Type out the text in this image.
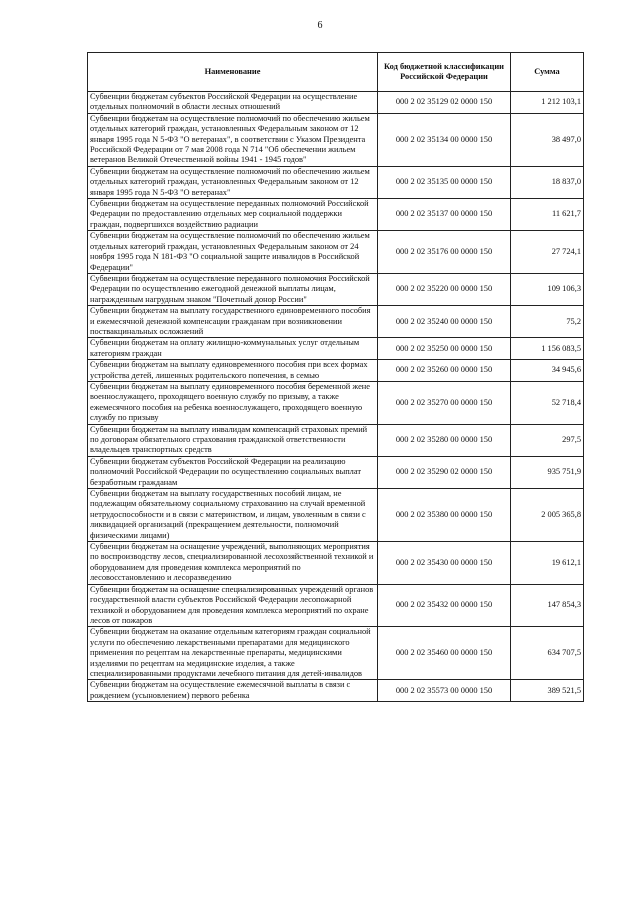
6
Наименование	Код бюджетной классификации Российской Федерации	Сумма
Субвенции бюджетам субъектов Российской Федерации на осуществление отдельных полномочий в области лесных отношений	000 2 02 35129 02 0000 150	1 212 103,1
Субвенции бюджетам на осуществление полномочий по обеспечению жильем отдельных категорий граждан, установленных Федеральным законом от 12 января 1995 года N 5-ФЗ "О ветеранах", в соответствии с Указом Президента Российской Федерации от 7 мая 2008 года N 714 "Об обеспечении жильем ветеранов Великой Отечественной войны 1941 - 1945 годов"	000 2 02 35134 00 0000 150	38 497,0
Субвенции бюджетам на осуществление полномочий по обеспечению жильем отдельных категорий граждан, установленных Федеральным законом от 12 января 1995 года N 5-ФЗ "О ветеранах"	000 2 02 35135 00 0000 150	18 837,0
Субвенции бюджетам на осуществление переданных полномочий Российской Федерации по предоставлению отдельных мер социальной поддержки граждан, подвергшихся воздействию радиации	000 2 02 35137 00 0000 150	11 621,7
Субвенции бюджетам на осуществление полномочий по обеспечению жильем отдельных категорий граждан, установленных Федеральным законом от 24 ноября 1995 года N 181-ФЗ "О социальной защите инвалидов в Российской Федерации"	000 2 02 35176 00 0000 150	27 724,1
Субвенции бюджетам на осуществление переданного полномочия Российской Федерации по осуществлению ежегодной денежной выплаты лицам, награжденным нагрудным знаком "Почетный донор России"	000 2 02 35220 00 0000 150	109 106,3
Субвенции бюджетам на выплату государственного единовременного пособия и ежемесячной денежной компенсации гражданам при возникновении поствакцинальных осложнений	000 2 02 35240 00 0000 150	75,2
Субвенции бюджетам на оплату жилищно-коммунальных услуг отдельным категориям граждан	000 2 02 35250 00 0000 150	1 156 083,5
Субвенции бюджетам на выплату единовременного пособия при всех формах устройства детей, лишенных родительского попечения, в семью	000 2 02 35260 00 0000 150	34 945,6
Субвенции бюджетам на выплату единовременного пособия беременной жене военнослужащего, проходящего военную службу по призыву, а также ежемесячного пособия на ребенка военнослужащего, проходящего военную службу по призыву	000 2 02 35270 00 0000 150	52 718,4
Субвенции бюджетам на выплату инвалидам компенсаций страховых премий по договорам обязательного страхования гражданской ответственности владельцев транспортных средств	000 2 02 35280 00 0000 150	297,5
Субвенции бюджетам субъектов Российской Федерации на реализацию полномочий Российской Федерации по осуществлению социальных выплат безработным гражданам	000 2 02 35290 02 0000 150	935 751,9
Субвенции бюджетам на выплату государственных пособий лицам, не подлежащим обязательному социальному страхованию на случай временной нетрудоспособности и в связи с материнством, и лицам, уволенным в связи с ликвидацией организаций (прекращением деятельности, полномочий физическими лицами)	000 2 02 35380 00 0000 150	2 005 365,8
Субвенции бюджетам на оснащение учреждений, выполняющих мероприятия по воспроизводству лесов, специализированной лесохозяйственной техникой и оборудованием для проведения комплекса мероприятий по лесовосстановлению и лесоразведению	000 2 02 35430 00 0000 150	19 612,1
Субвенции бюджетам на оснащение специализированных учреждений органов государственной власти субъектов Российской Федерации лесопожарной техникой и оборудованием для проведения комплекса мероприятий по охране лесов от пожаров	000 2 02 35432 00 0000 150	147 854,3
Субвенции бюджетам на оказание отдельным категориям граждан социальной услуги по обеспечению лекарственными препаратами для медицинского применения по рецептам на лекарственные препараты, медицинскими изделиями по рецептам на медицинские изделия, а также специализированными продуктами лечебного питания для детей-инвалидов	000 2 02 35460 00 0000 150	634 707,5
Субвенции бюджетам на осуществление ежемесячной выплаты в связи с рождением (усыновлением) первого ребенка	000 2 02 35573 00 0000 150	389 521,5
